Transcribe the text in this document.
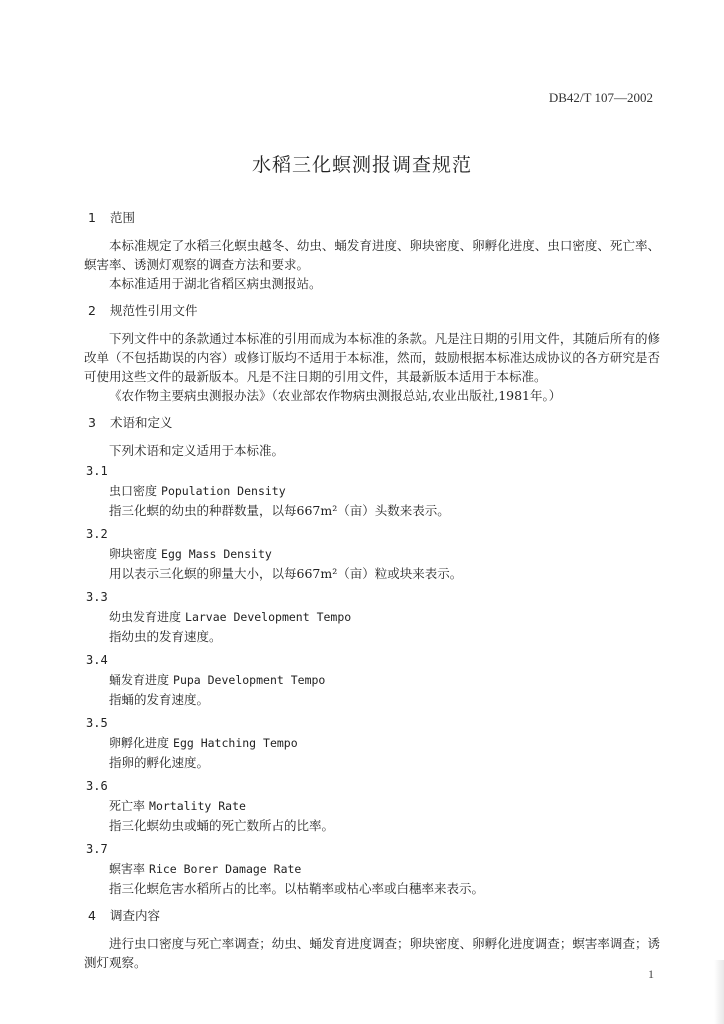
DB42/T 107—2002
水稻三化螟测报调查规范
1 范围
本标准规定了水稻三化螟虫越冬、幼虫、蛹发育进度、卵块密度、卵孵化进度、虫口密度、死亡率、螟害率、诱测灯观察的调查方法和要求。
本标准适用于湖北省稻区病虫测报站。
2 规范性引用文件
下列文件中的条款通过本标准的引用而成为本标准的条款。凡是注日期的引用文件，其随后所有的修改单（不包括勘误的内容）或修订版均不适用于本标准，然而，鼓励根据本标准达成协议的各方研究是否可使用这些文件的最新版本。凡是不注日期的引用文件，其最新版本适用于本标准。
《农作物主要病虫测报办法》（农业部农作物病虫测报总站,农业出版社,1981年。）
3 术语和定义
下列术语和定义适用于本标准。
3.1
虫口密度 Population Density
指三化螟的幼虫的种群数量，以每667m²（亩）头数来表示。
3.2
卵块密度 Egg Mass Density
用以表示三化螟的卵量大小，以每667m²（亩）粒或块来表示。
3.3
幼虫发育进度 Larvae Development Tempo
指幼虫的发育速度。
3.4
蛹发育进度 Pupa Development Tempo
指蛹的发育速度。
3.5
卵孵化进度 Egg Hatching Tempo
指卵的孵化速度。
3.6
死亡率 Mortality Rate
指三化螟幼虫或蛹的死亡数所占的比率。
3.7
螟害率 Rice Borer Damage Rate
指三化螟危害水稻所占的比率。以枯鞘率或枯心率或白穗率来表示。
4 调查内容
进行虫口密度与死亡率调查；幼虫、蛹发育进度调查；卵块密度、卵孵化进度调查；螟害率调查；诱测灯观察。
1
